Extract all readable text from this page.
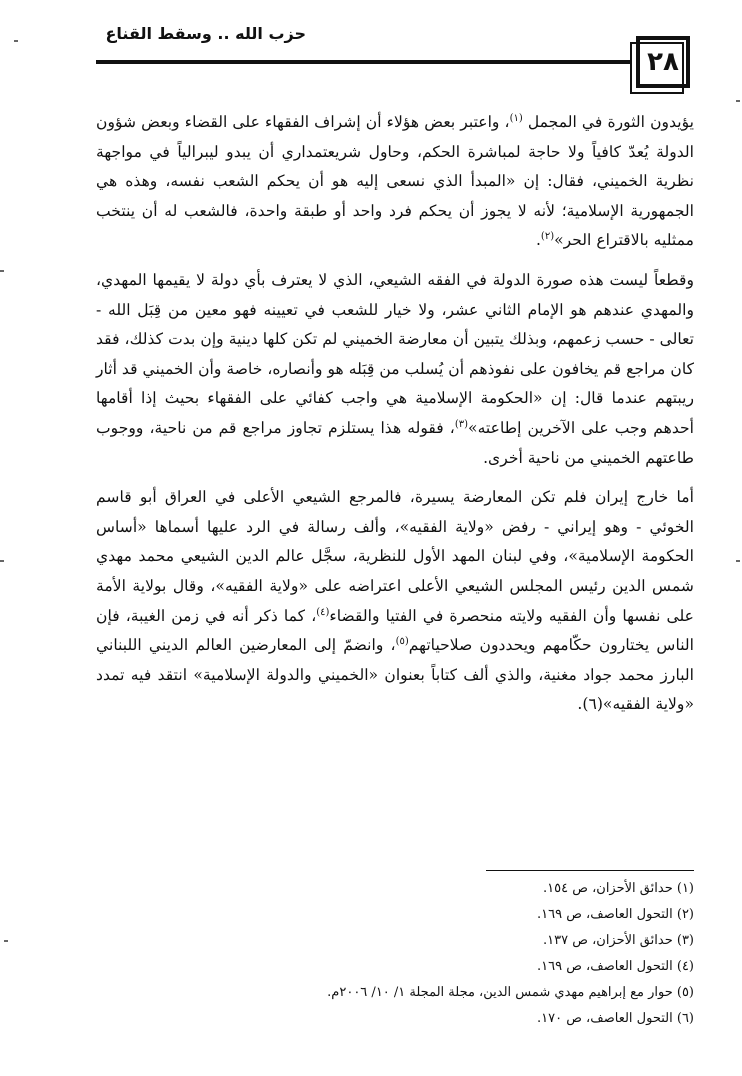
حزب الله .. وسقط القناع
٢٨

يؤيدون الثورة في المجمل $^{(١)}$، واعتبر بعض هؤلاء أن إشراف الفقهاء على القضاء وبعض شؤون الدولة يُعدّ كافياً ولا حاجة لمباشرة الحكم، وحاول شريعتمداري أن يبدو ليبرالياً في مواجهة نظرية الخميني، فقال: إن «المبدأ الذي نسعى إليه هو أن يحكم الشعب نفسه، وهذه هي الجمهورية الإسلامية؛ لأنه لا يجوز أن يحكم فرد واحد أو طبقة واحدة، فالشعب له أن ينتخب ممثليه بالاقتراع الحر»$^{(٢)}$.

وقطعاً ليست هذه صورة الدولة في الفقه الشيعي، الذي لا يعترف بأي دولة لا يقيمها المهدي، والمهدي عندهم هو الإمام الثاني عشر، ولا خيار للشعب في تعيينه فهو معين من قِبَل الله - تعالى - حسب زعمهم، وبذلك يتبين أن معارضة الخميني لم تكن كلها دينية وإن بدت كذلك، فقد كان مراجع قم يخافون على نفوذهم أن يُسلب من قِبَله هو وأنصاره، خاصة وأن الخميني قد أثار ريبتهم عندما قال: إن «الحكومة الإسلامية هي واجب كفائي على الفقهاء بحيث إذا أقامها أحدهم وجب على الآخرين إطاعته»$^{(٣)}$، فقوله هذا يستلزم تجاوز مراجع قم من ناحية، ووجوب طاعتهم الخميني من ناحية أخرى.

أما خارج إيران فلم تكن المعارضة يسيرة، فالمرجع الشيعي الأعلى في العراق أبو قاسم الخوئي - وهو إيراني - رفض «ولاية الفقيه»، وألف رسالة في الرد عليها أسماها «أساس الحكومة الإسلامية»، وفي لبنان المهد الأول للنظرية، سجَّل عالم الدين الشيعي محمد مهدي شمس الدين رئيس المجلس الشيعي الأعلى اعتراضه على «ولاية الفقيه»، وقال بولاية الأمة على نفسها وأن الفقيه ولايته منحصرة في الفتيا والقضاء$^{(٤)}$، كما ذكر أنه في زمن الغيبة، فإن الناس يختارون حكّامهم ويحددون صلاحياتهم$^{(٥)}$، وانضمّ إلى المعارضين العالم الديني اللبناني البارز محمد جواد مغنية، والذي ألف كتاباً بعنوان «الخميني والدولة الإسلامية» انتقد فيه تمدد «ولاية الفقيه»(٦).

(١) حدائق الأحزان، ص ١٥٤.
(٢) التحول العاصف، ص ١٦٩.
(٣) حدائق الأحزان، ص ١٣٧.
(٤) التحول العاصف، ص ١٦٩.
(٥) حوار مع إبراهيم مهدي شمس الدين، مجلة المجلة ١/ ١٠/ ٢٠٠٦م.
(٦) التحول العاصف، ص ١٧٠.
